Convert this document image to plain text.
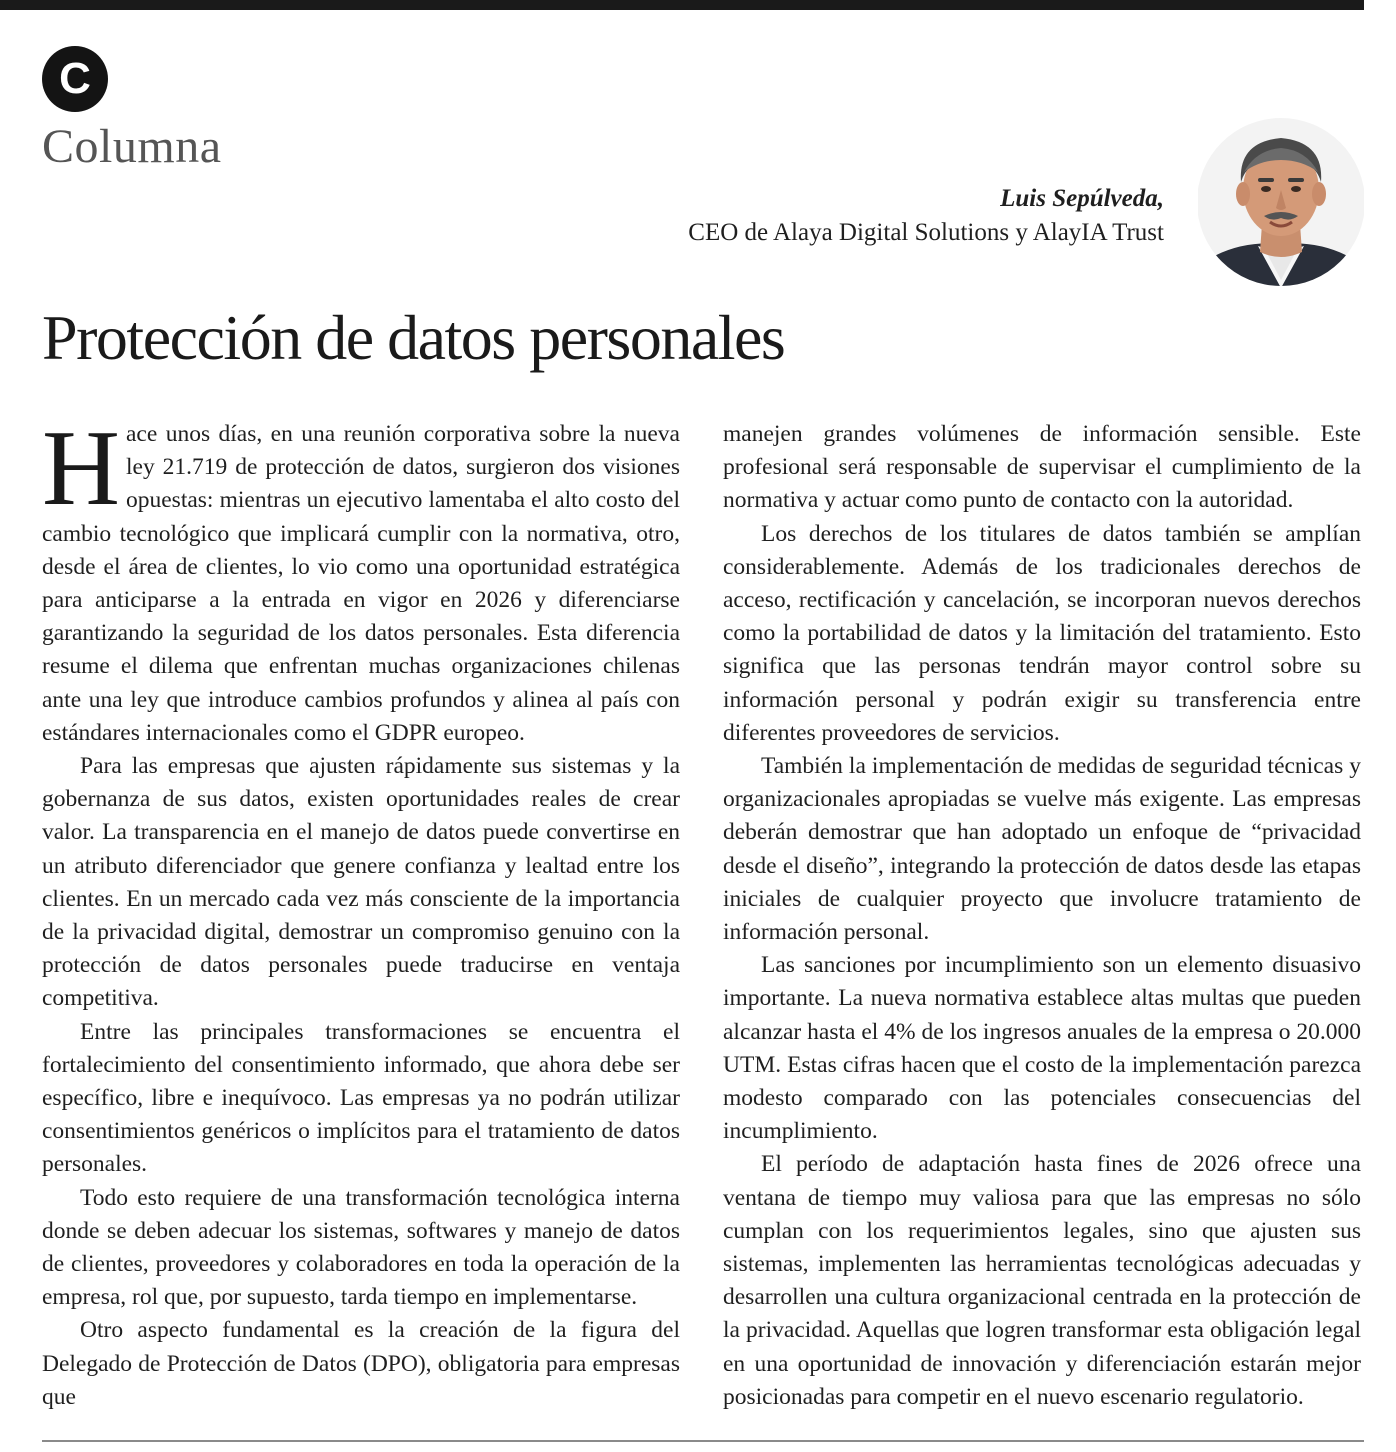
C
Columna
Luis Sepúlveda,
CEO de Alaya Digital Solutions y AlayIA Trust
Protección de datos personales

Hace unos días, en una reunión corporativa sobre la nueva ley 21.719 de protección de datos, surgieron dos visiones opuestas: mientras un ejecutivo lamentaba el alto costo del cambio tecnológico que implicará cumplir con la normativa, otro, desde el área de clientes, lo vio como una oportunidad estratégica para anticiparse a la entrada en vigor en 2026 y diferenciarse garantizando la seguridad de los datos personales. Esta diferencia resume el dilema que enfrentan muchas organizaciones chilenas ante una ley que introduce cambios profundos y alinea al país con estándares internacionales como el GDPR europeo.

Para las empresas que ajusten rápidamente sus sistemas y la gobernanza de sus datos, existen oportunidades reales de crear valor. La transparencia en el manejo de datos puede convertirse en un atributo diferenciador que genere confianza y lealtad entre los clientes. En un mercado cada vez más consciente de la importancia de la privacidad digital, demostrar un compromiso genuino con la protección de datos personales puede traducirse en ventaja competitiva.

Entre las principales transformaciones se encuentra el fortalecimiento del consentimiento informado, que ahora debe ser específico, libre e inequívoco. Las empresas ya no podrán utilizar consentimientos genéricos o implícitos para el tratamiento de datos personales.

Todo esto requiere de una transformación tecnológica interna donde se deben adecuar los sistemas, softwares y manejo de datos de clientes, proveedores y colaboradores en toda la operación de la empresa, rol que, por supuesto, tarda tiempo en implementarse.

Otro aspecto fundamental es la creación de la figura del Delegado de Protección de Datos (DPO), obligatoria para empresas que

manejen grandes volúmenes de información sensible. Este profesional será responsable de supervisar el cumplimiento de la normativa y actuar como punto de contacto con la autoridad.

Los derechos de los titulares de datos también se amplían considerablemente. Además de los tradicionales derechos de acceso, rectificación y cancelación, se incorporan nuevos derechos como la portabilidad de datos y la limitación del tratamiento. Esto significa que las personas tendrán mayor control sobre su información personal y podrán exigir su transferencia entre diferentes proveedores de servicios.

También la implementación de medidas de seguridad técnicas y organizacionales apropiadas se vuelve más exigente. Las empresas deberán demostrar que han adoptado un enfoque de “privacidad desde el diseño”, integrando la protección de datos desde las etapas iniciales de cualquier proyecto que involucre tratamiento de información personal.

Las sanciones por incumplimiento son un elemento disuasivo importante. La nueva normativa establece altas multas que pueden alcanzar hasta el 4% de los ingresos anuales de la empresa o 20.000 UTM. Estas cifras hacen que el costo de la implementación parezca modesto comparado con las potenciales consecuencias del incumplimiento.

El período de adaptación hasta fines de 2026 ofrece una ventana de tiempo muy valiosa para que las empresas no sólo cumplan con los requerimientos legales, sino que ajusten sus sistemas, implementen las herramientas tecnológicas adecuadas y desarrollen una cultura organizacional centrada en la protección de la privacidad. Aquellas que logren transformar esta obligación legal en una oportunidad de innovación y diferenciación estarán mejor posicionadas para competir en el nuevo escenario regulatorio.
